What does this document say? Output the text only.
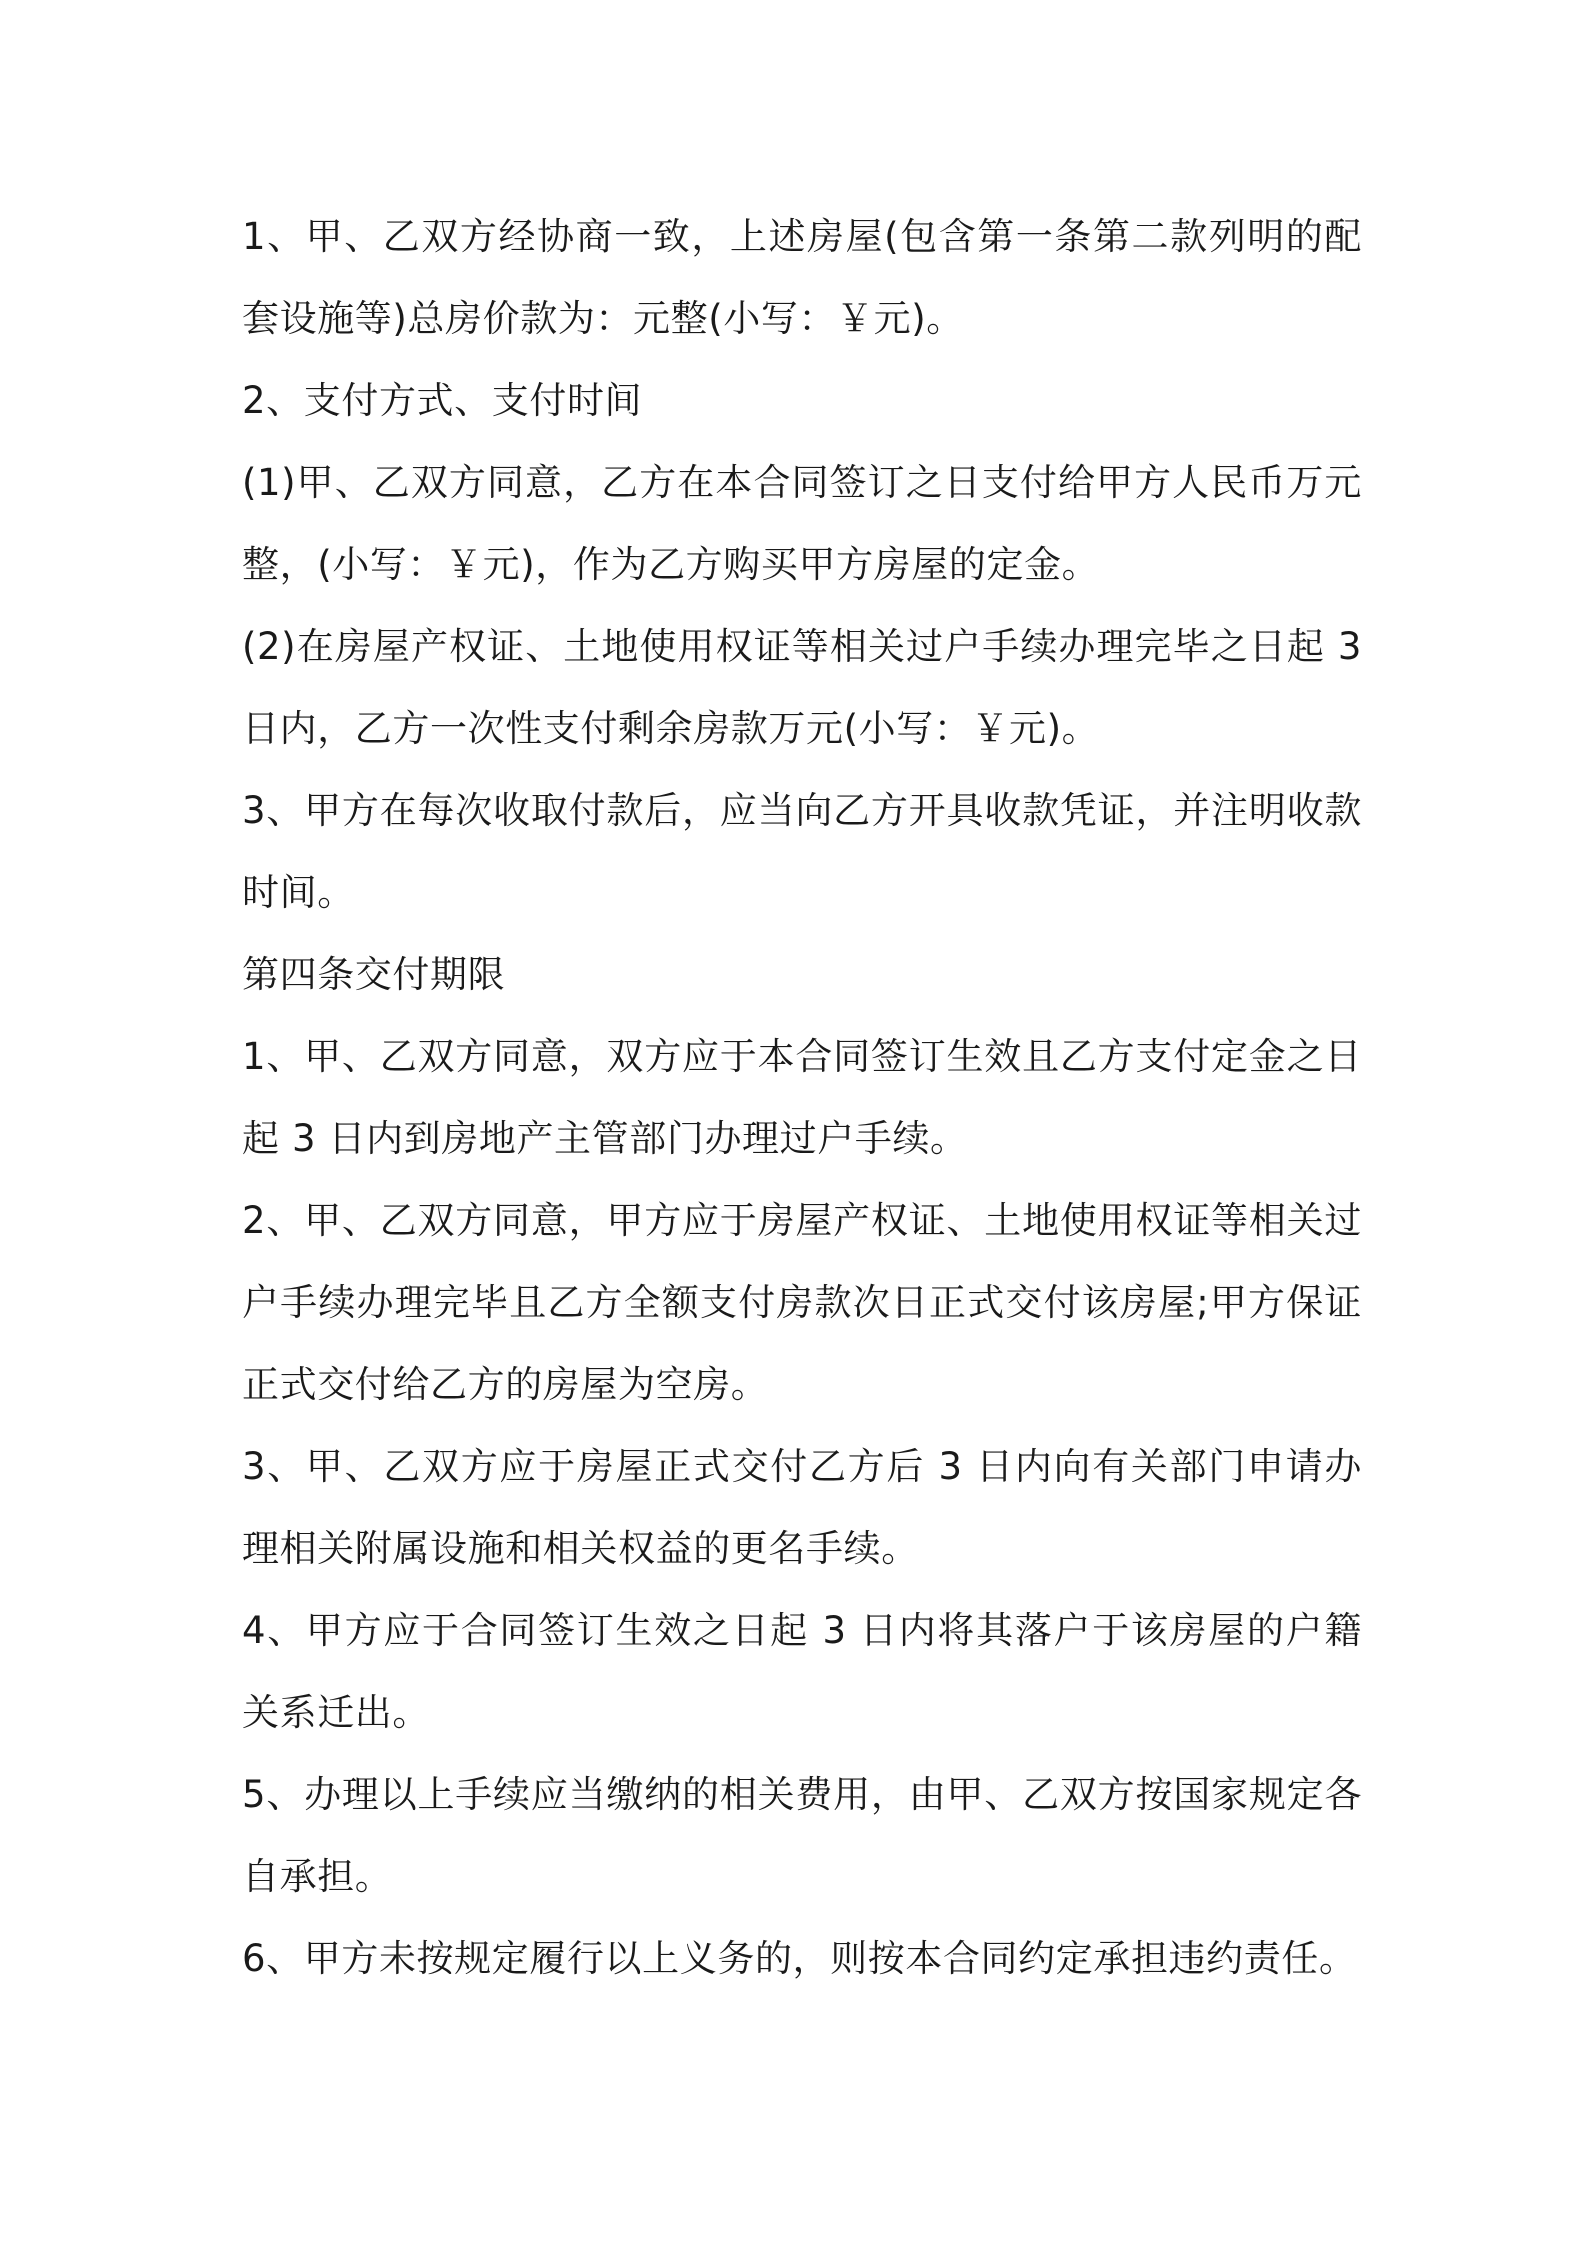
1、甲、乙双方经协商一致，上述房屋(包含第一条第二款列明的配套设施等)总房价款为：元整(小写：￥元)。

2、支付方式、支付时间

(1)甲、乙双方同意，乙方在本合同签订之日支付给甲方人民币万元整，(小写：￥元)，作为乙方购买甲方房屋的定金。

(2)在房屋产权证、土地使用权证等相关过户手续办理完毕之日起 3 日内，乙方一次性支付剩余房款万元(小写：￥元)。

3、甲方在每次收取付款后，应当向乙方开具收款凭证，并注明收款时间。

第四条交付期限

1、甲、乙双方同意，双方应于本合同签订生效且乙方支付定金之日起 3 日内到房地产主管部门办理过户手续。

2、甲、乙双方同意，甲方应于房屋产权证、土地使用权证等相关过户手续办理完毕且乙方全额支付房款次日正式交付该房屋;甲方保证正式交付给乙方的房屋为空房。

3、甲、乙双方应于房屋正式交付乙方后 3 日内向有关部门申请办理相关附属设施和相关权益的更名手续。

4、甲方应于合同签订生效之日起 3 日内将其落户于该房屋的户籍关系迁出。

5、办理以上手续应当缴纳的相关费用，由甲、乙双方按国家规定各自承担。

6、甲方未按规定履行以上义务的，则按本合同约定承担违约责任。
